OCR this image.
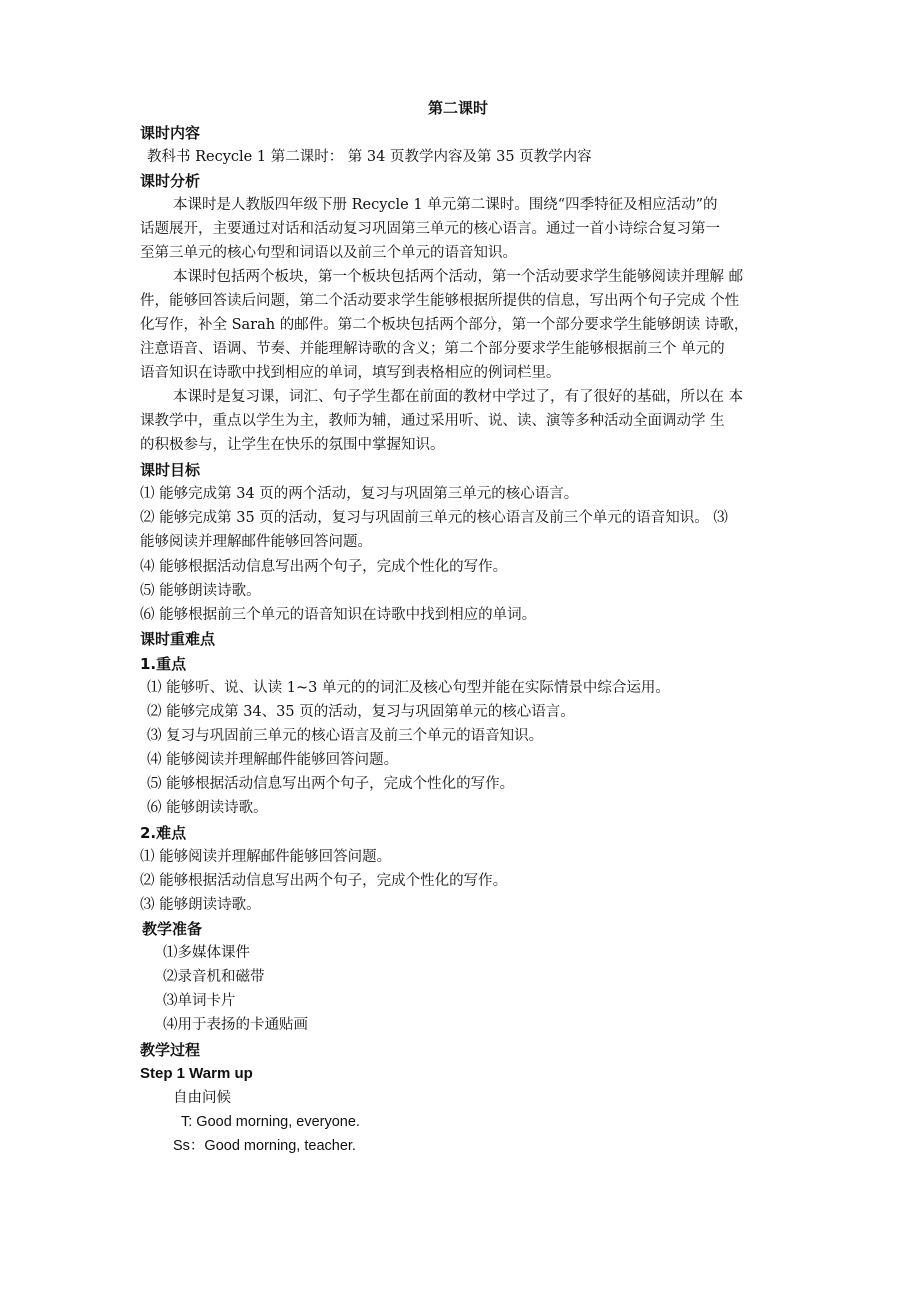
第二课时
课时内容
教科书 Recycle 1 第二课时： 第 34 页教学内容及第 35 页教学内容
课时分析
本课时是人教版四年级下册 Recycle 1 单元第二课时。围绕“四季特征及相应活动”的
话题展开，主要通过对话和活动复习巩固第三单元的核心语言。通过一首小诗综合复习第一
至第三单元的核心句型和词语以及前三个单元的语音知识。
本课时包括两个板块，第一个板块包括两个活动，第一个活动要求学生能够阅读并理解 邮
件，能够回答读后问题，第二个活动要求学生能够根据所提供的信息，写出两个句子完成 个性
化写作，补全 Sarah 的邮件。第二个板块包括两个部分，第一个部分要求学生能够朗读 诗歌，
注意语音、语调、节奏、并能理解诗歌的含义；第二个部分要求学生能够根据前三个 单元的
语音知识在诗歌中找到相应的单词，填写到表格相应的例词栏里。
本课时是复习课，词汇、句子学生都在前面的教材中学过了，有了很好的基础，所以在 本
课教学中，重点以学生为主，教师为辅，通过采用听、说、读、演等多种活动全面调动学 生
的积极参与，让学生在快乐的氛围中掌握知识。
课时目标
⑴ 能够完成第 34 页的两个活动，复习与巩固第三单元的核心语言。
⑵ 能够完成第 35 页的活动，复习与巩固前三单元的核心语言及前三个单元的语音知识。 ⑶
能够阅读并理解邮件能够回答问题。
⑷ 能够根据活动信息写出两个句子，完成个性化的写作。
⑸ 能够朗读诗歌。
⑹ 能够根据前三个单元的语音知识在诗歌中找到相应的单词。
课时重难点
1.重点
⑴ 能够听、说、认读 1~3 单元的的词汇及核心句型并能在实际情景中综合运用。
⑵ 能够完成第 34、35 页的活动，复习与巩固第单元的核心语言。
⑶ 复习与巩固前三单元的核心语言及前三个单元的语音知识。
⑷ 能够阅读并理解邮件能够回答问题。
⑸ 能够根据活动信息写出两个句子，完成个性化的写作。
⑹ 能够朗读诗歌。
2.难点
⑴ 能够阅读并理解邮件能够回答问题。
⑵ 能够根据活动信息写出两个句子，完成个性化的写作。
⑶ 能够朗读诗歌。
教学准备
⑴多媒体课件
⑵录音机和磁带
⑶单词卡片
⑷用于表扬的卡通贴画
教学过程
Step 1 Warm up
自由问候
T: Good morning, everyone.
Ss：Good morning, teacher.
